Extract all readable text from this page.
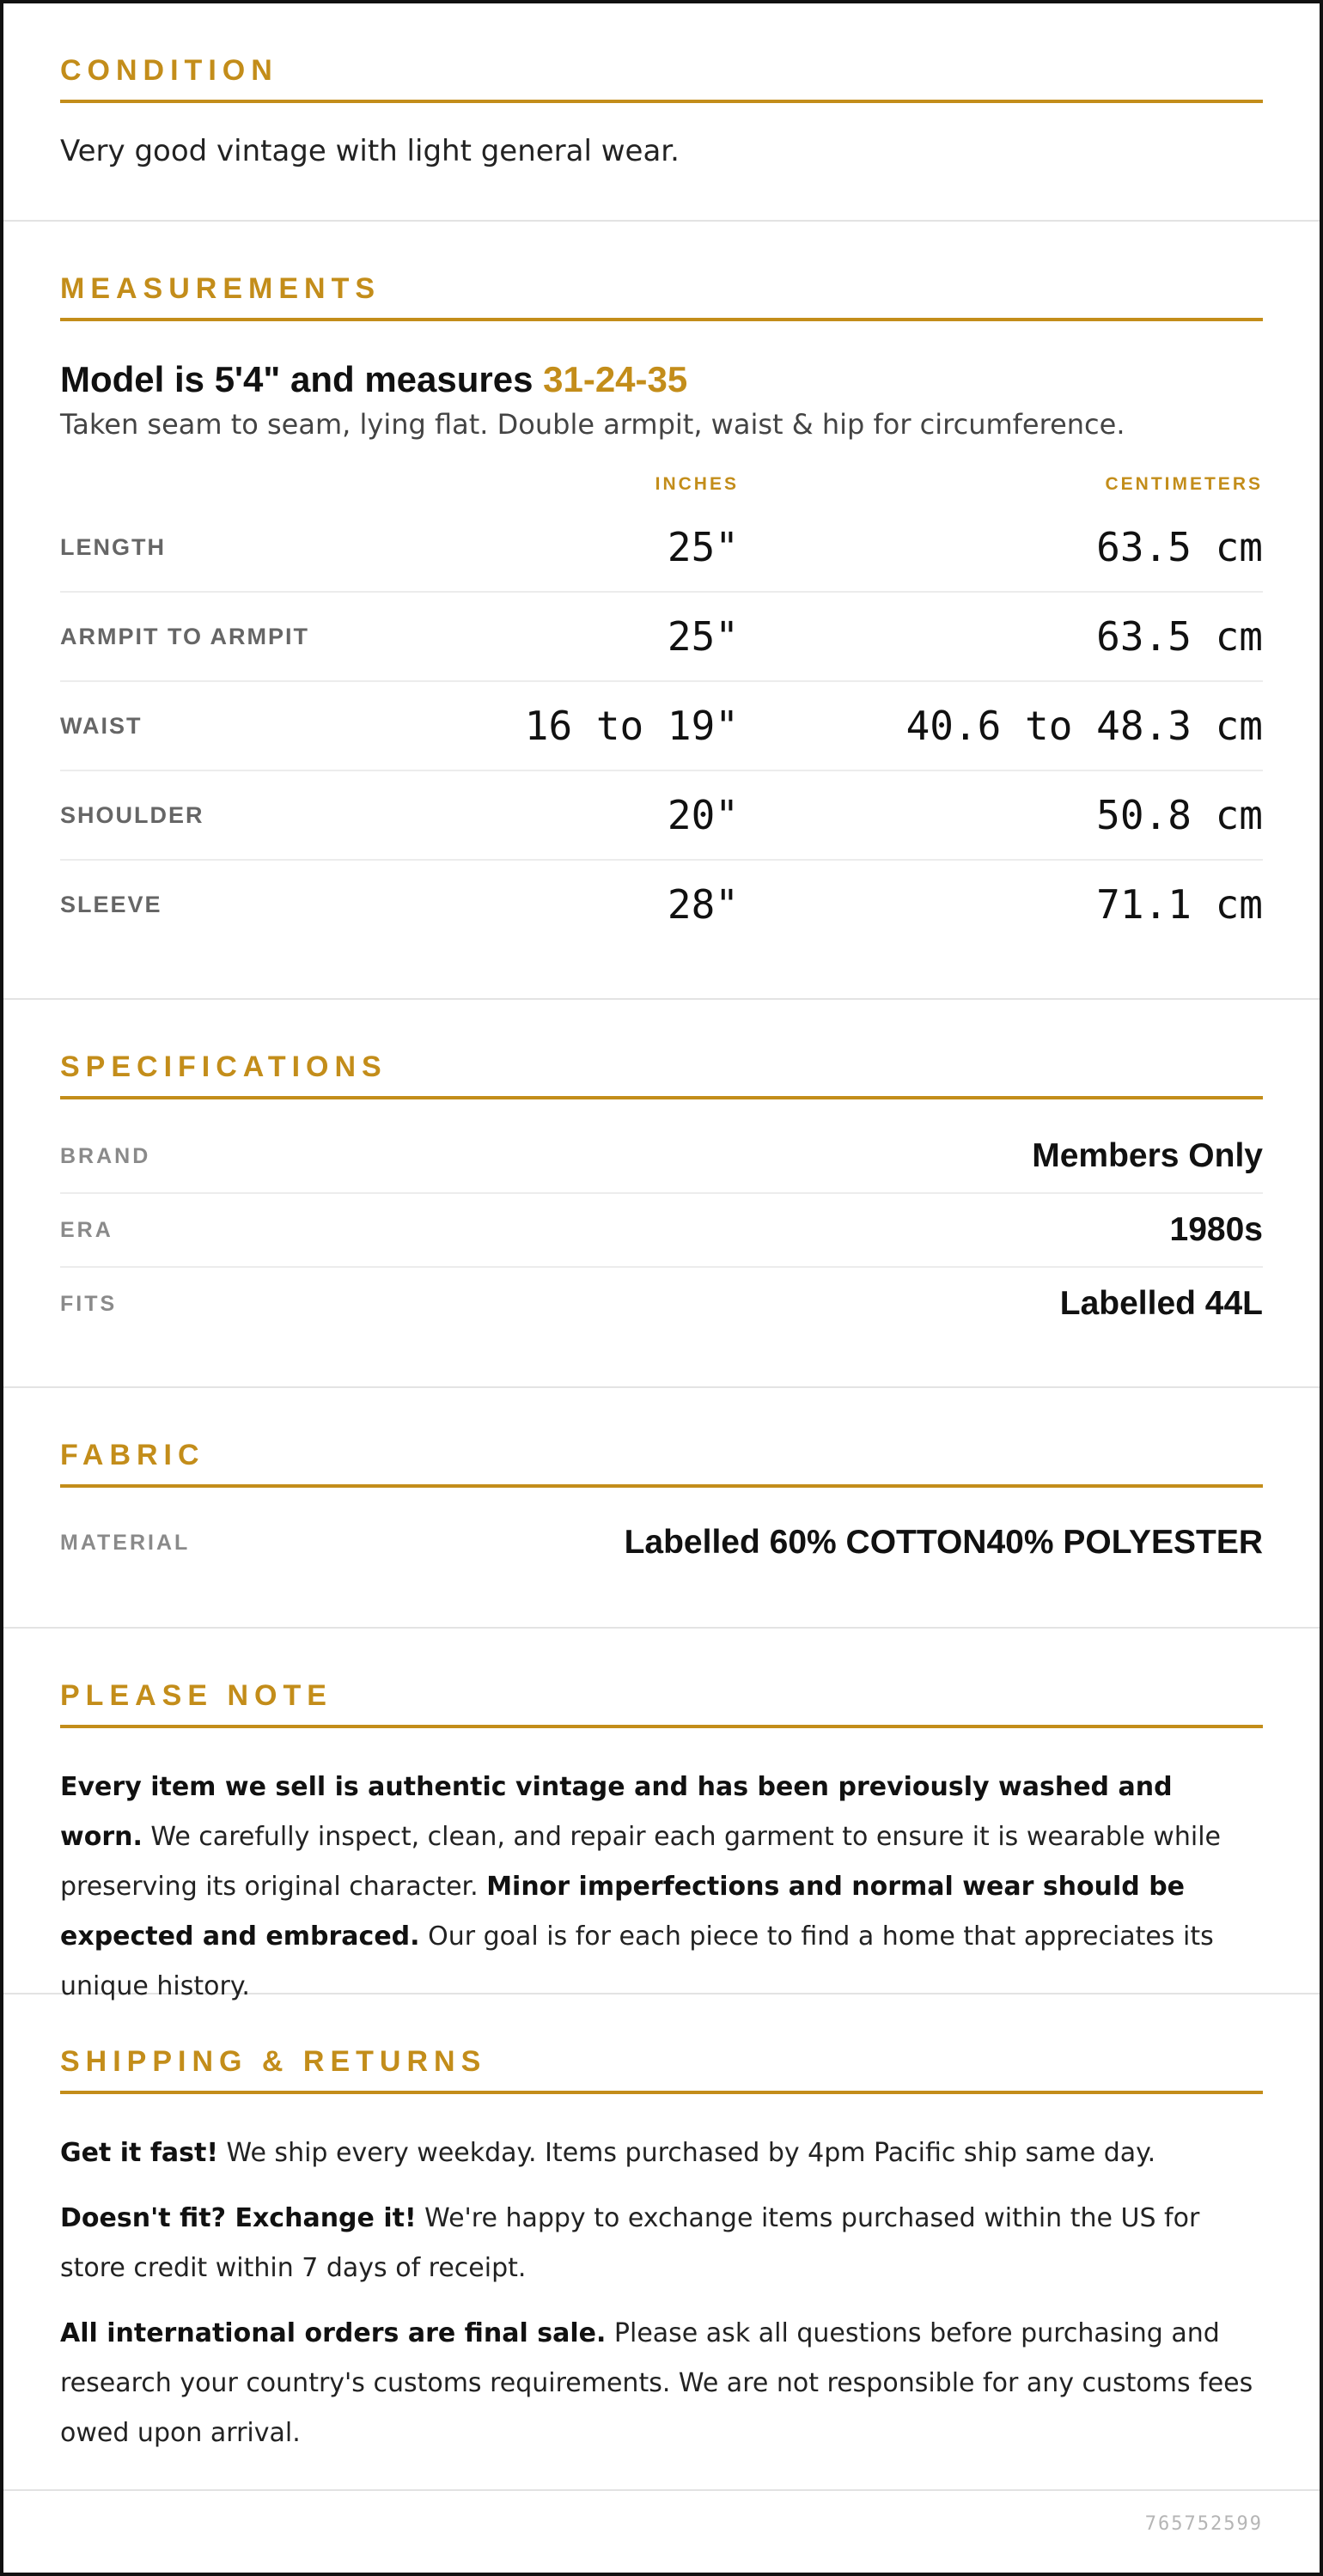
CONDITION
Very good vintage with light general wear.
MEASUREMENTS
Model is 5'4" and measures 31-24-35
Taken seam to seam, lying flat. Double armpit, waist & hip for circumference.
INCHES	CENTIMETERS
LENGTH	25"	63.5 cm
ARMPIT TO ARMPIT	25"	63.5 cm
WAIST	16 to 19"	40.6 to 48.3 cm
SHOULDER	20"	50.8 cm
SLEEVE	28"	71.1 cm
SPECIFICATIONS
BRAND	Members Only
ERA	1980s
FITS	Labelled 44L
FABRIC
MATERIAL	Labelled 60% COTTON40% POLYESTER
PLEASE NOTE
Every item we sell is authentic vintage and has been previously washed and worn. We carefully inspect, clean, and repair each garment to ensure it is wearable while preserving its original character. Minor imperfections and normal wear should be expected and embraced. Our goal is for each piece to find a home that appreciates its unique history.
SHIPPING & RETURNS

Get it fast! We ship every weekday. Items purchased by 4pm Pacific ship same day.

Doesn't fit? Exchange it! We're happy to exchange items purchased within the US for store credit within 7 days of receipt.

All international orders are final sale. Please ask all questions before purchasing and research your country's customs requirements. We are not responsible for any customs fees owed upon arrival.

765752599
